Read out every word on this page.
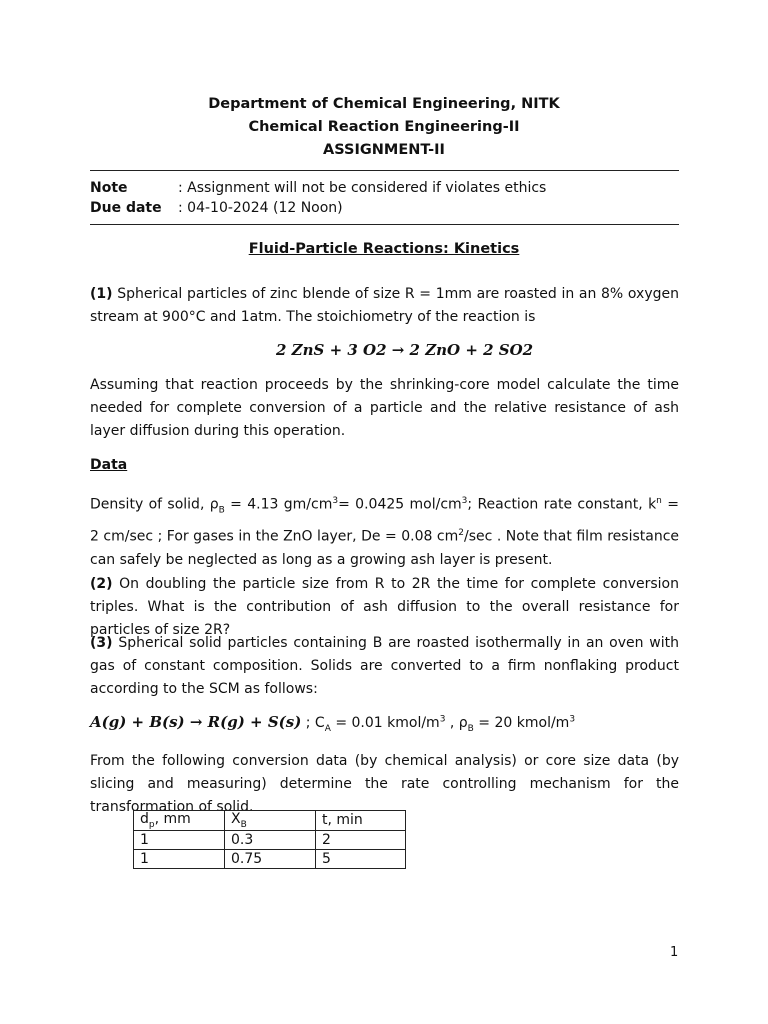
Department of Chemical Engineering, NITK
Chemical Reaction Engineering-II
ASSIGNMENT-II
Note	: Assignment will not be considered if violates ethics
Due date : 04-10-2024 (12 Noon)
Fluid-Particle Reactions: Kinetics
(1) Spherical particles of zinc blende of size R = 1mm are roasted in an 8% oxygen stream at 900°C and 1atm. The stoichiometry of the reaction is
2 ZnS + 3 O2 → 2 ZnO + 2 SO2
Assuming that reaction proceeds by the shrinking-core model calculate the time needed for complete conversion of a particle and the relative resistance of ash layer diffusion during this operation.
Data
Density of solid, $\rho_B = 4.13$ $gm/cm^3= 0.0425$ mol/$cm^3$; Reaction rate constant, $k^n = 2$ cm/sec ; For gases in the ZnO layer, De = 0.08 $cm^2/\sec$ . Note that film resistance can safely be neglected as long as a growing ash layer is present.
(2) On doubling the particle size from R to 2R the time for complete conversion triples. What is the contribution of ash diffusion to the overall resistance for particles of size 2R?
(3) Spherical solid particles containing B are roasted isothermally in an oven with gas of constant composition. Solids are converted to a firm nonflaking product according to the SCM as follows:
A(g) + B(s) → R(g) + S(s) ; $C_A = 0.01$ kmol/$m^3$ , $\rho_B = 20$ kmol/$m^3$
From the following conversion data (by chemical analysis) or core size data (by slicing and measuring) determine the rate controlling mechanism for the transformation of solid.
$d_p$, mm	$X_B$	t, min
1	0.3	2
1	0.75	5
1
